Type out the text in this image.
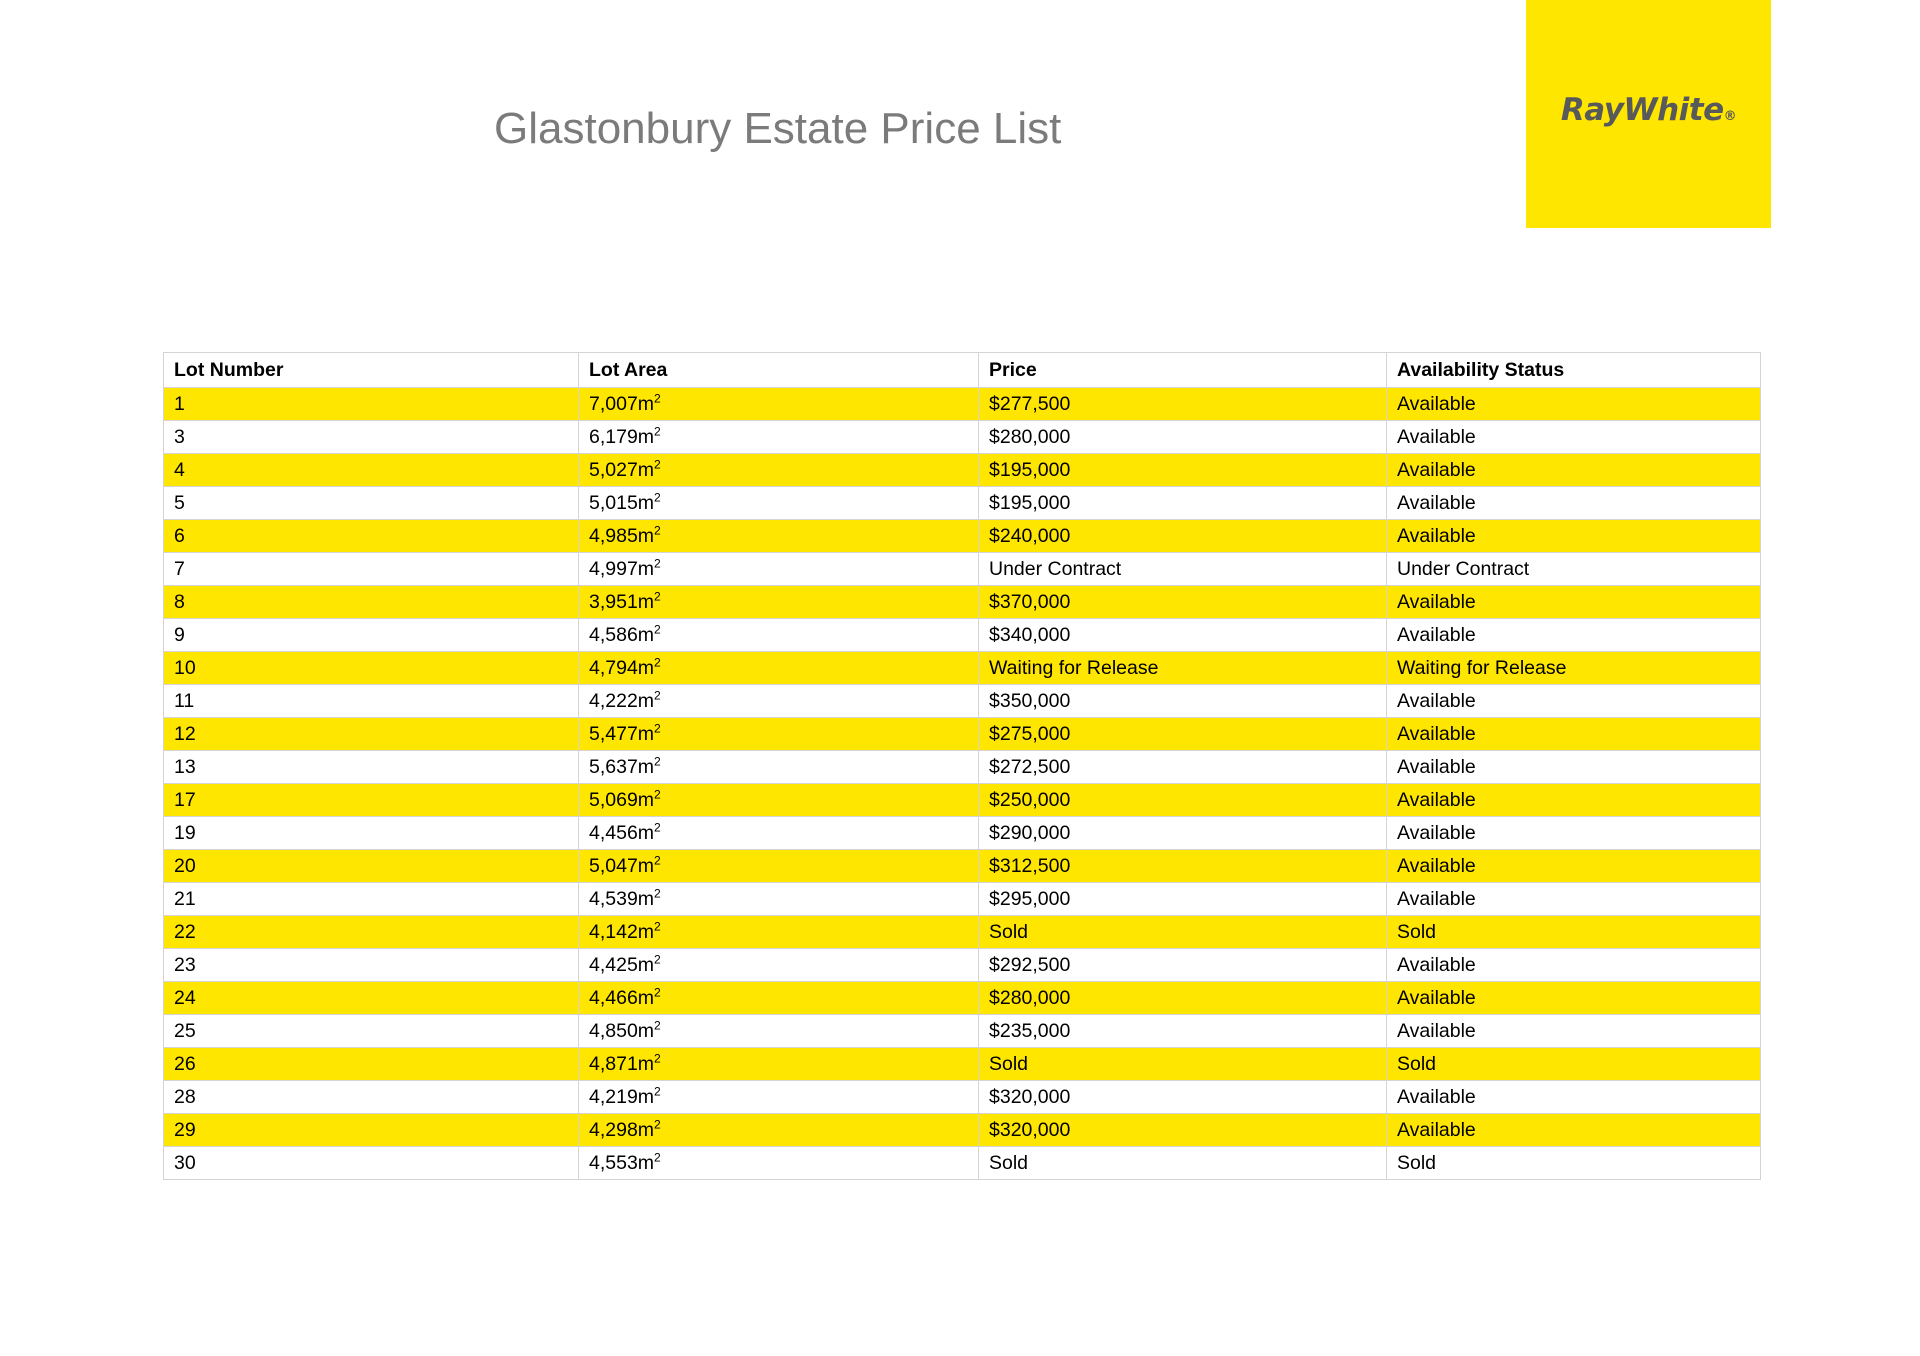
RayWhite®
Glastonbury Estate Price List
Lot Number	Lot Area	Price	Availability Status
1	$7,007m^2$	$277,500	Available
3	$6,179m^2$	$280,000	Available
4	$5,027m^2$	$195,000	Available
5	$5,015m^2$	$195,000	Available
6	$4,985m^2$	$240,000	Available
7	$4,997m^2$	Under Contract	Under Contract
8	$3,951m^2$	$370,000	Available
9	$4,586m^2$	$340,000	Available
10	$4,794m^2$	Waiting for Release	Waiting for Release
11	$4,222m^2$	$350,000	Available
12	$5,477m^2$	$275,000	Available
13	$5,637m^2$	$272,500	Available
17	$5,069m^2$	$250,000	Available
19	$4,456m^2$	$290,000	Available
20	$5,047m^2$	$312,500	Available
21	$4,539m^2$	$295,000	Available
22	$4,142m^2$	Sold	Sold
23	$4,425m^2$	$292,500	Available
24	$4,466m^2$	$280,000	Available
25	$4,850m^2$	$235,000	Available
26	$4,871m^2$	Sold	Sold
28	$4,219m^2$	$320,000	Available
29	$4,298m^2$	$320,000	Available
30	$4,553m^2$	Sold	Sold
